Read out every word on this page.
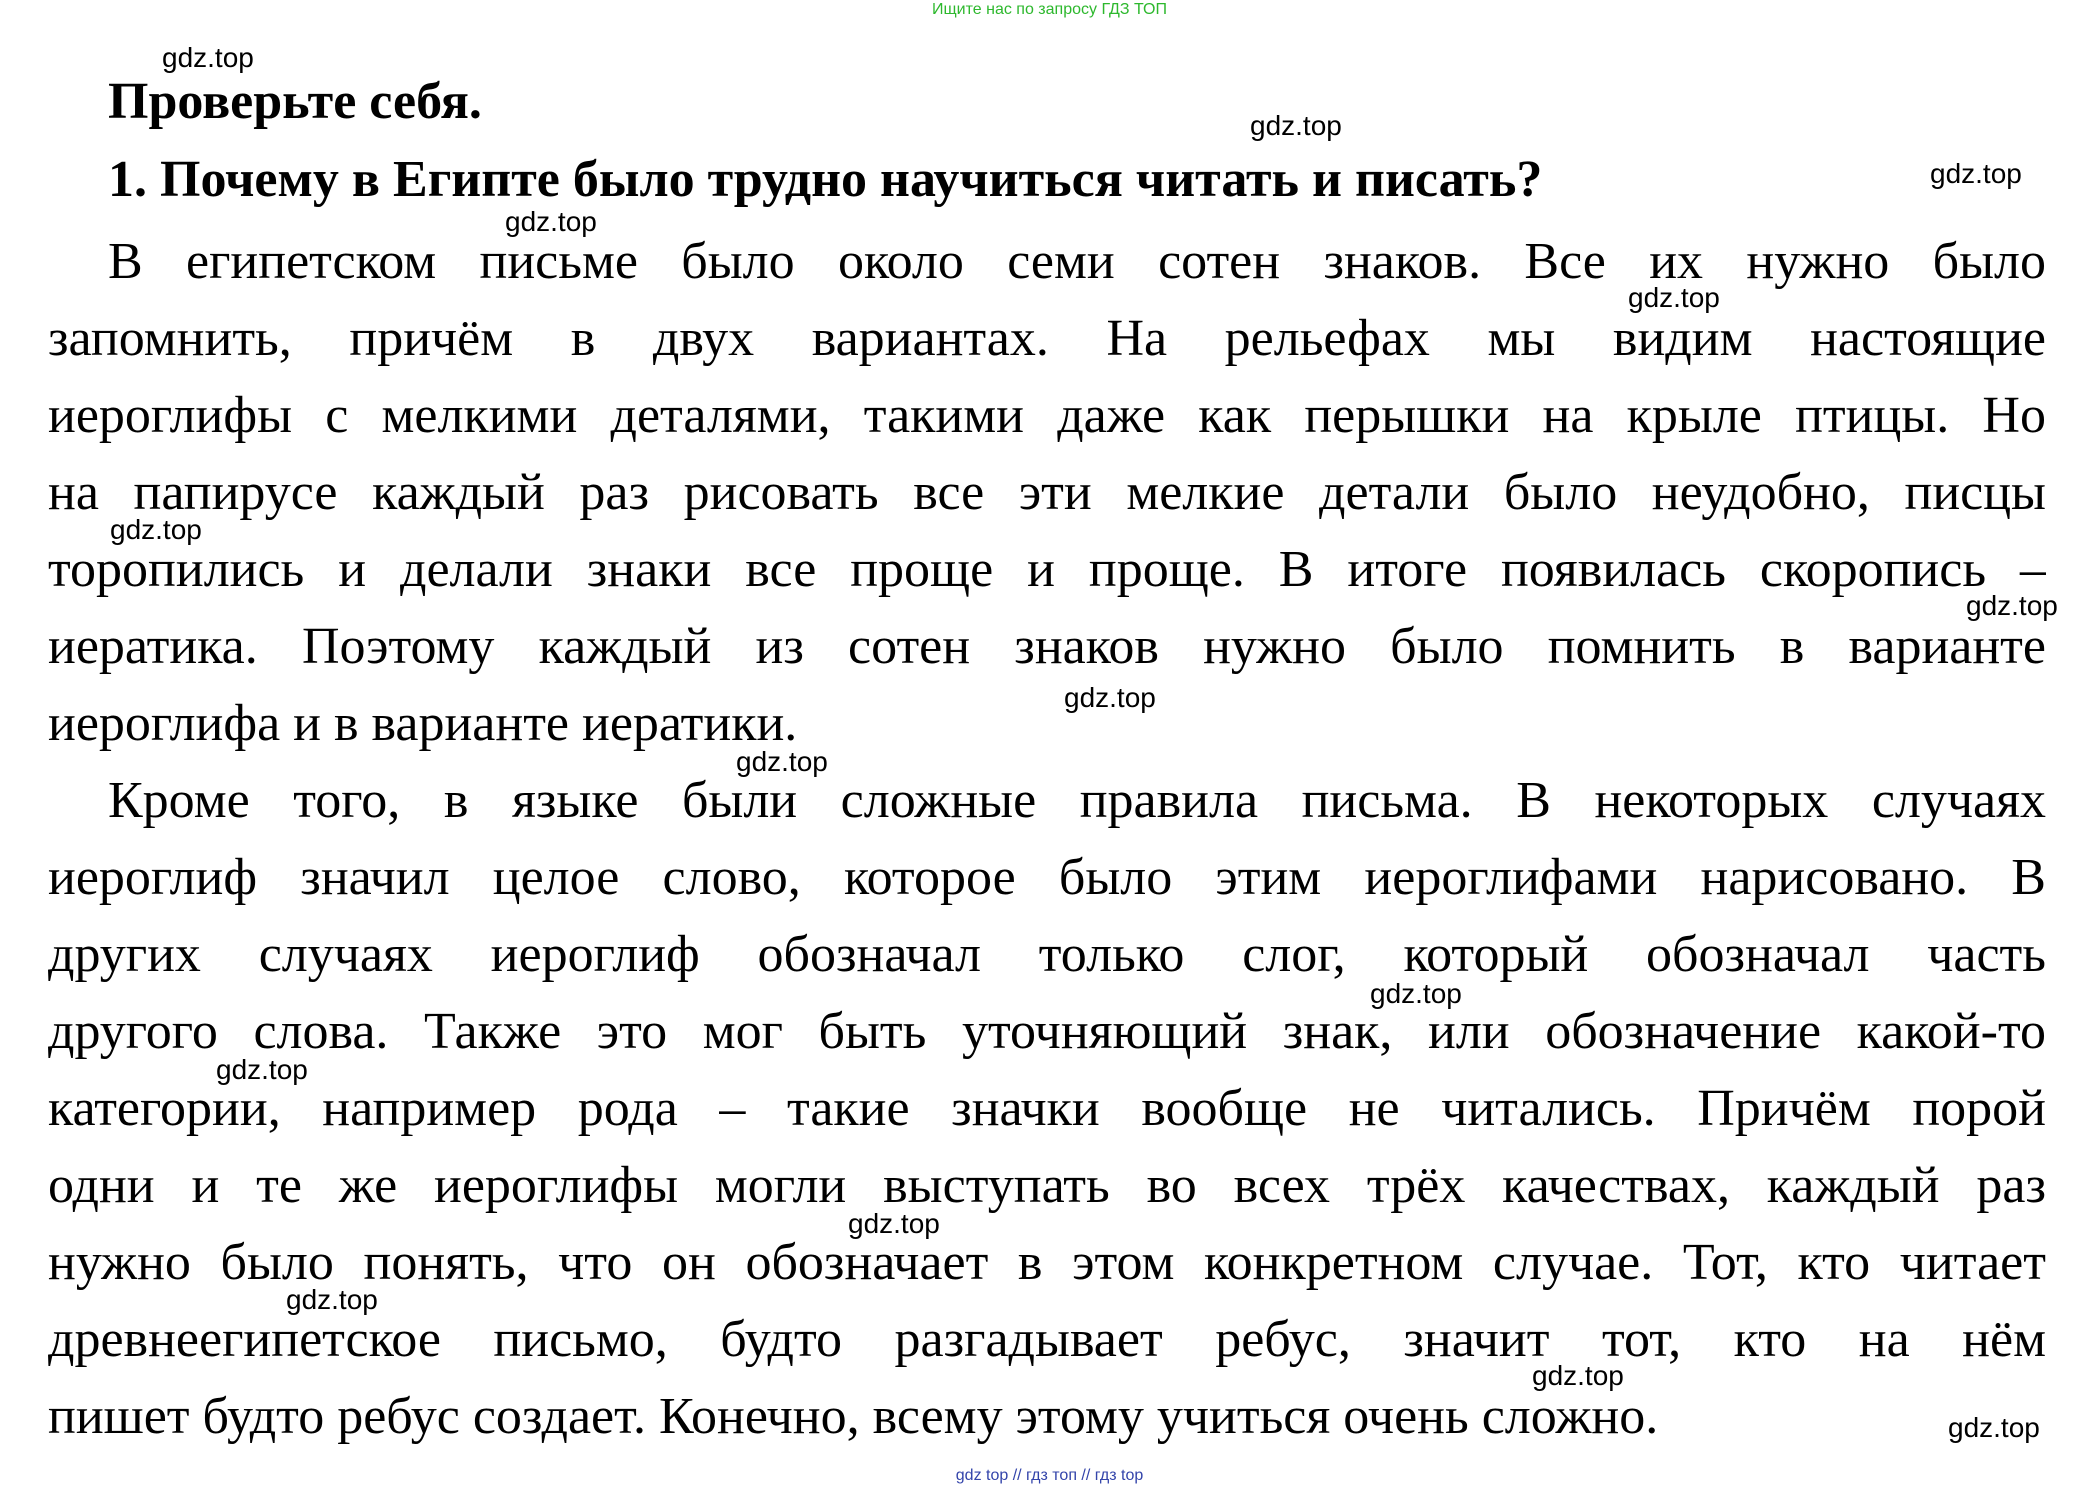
Ищите нас по запросу ГДЗ ТОП
Проверьте себя.
1. Почему в Египте было трудно научиться читать и писать?
В египетском письме было около семи сотен знаков. Все их нужно было
запомнить, причём в двух вариантах. На рельефах мы видим настоящие
иероглифы с мелкими деталями, такими даже как перышки на крыле птицы. Но
на папирусе каждый раз рисовать все эти мелкие детали было неудобно, писцы
торопились и делали знаки все проще и проще. В итоге появилась скоропись –
иератика. Поэтому каждый из сотен знаков нужно было помнить в варианте
иероглифа и в варианте иератики.
Кроме того, в языке были сложные правила письма. В некоторых случаях
иероглиф значил целое слово, которое было этим иероглифами нарисовано. В
других случаях иероглиф обозначал только слог, который обозначал часть
другого слова. Также это мог быть уточняющий знак, или обозначение какой-то
категории, например рода – такие значки вообще не читались. Причём порой
одни и те же иероглифы могли выступать во всех трёх качествах, каждый раз
нужно было понять, что он обозначает в этом конкретном случае. Тот, кто читает
древнеегипетское письмо, будто разгадывает ребус, значит тот, кто на нём
пишет будто ребус создает. Конечно, всему этому учиться очень сложно.
gdz.top
gdz.top
gdz.top
gdz.top
gdz.top
gdz.top
gdz.top
gdz.top
gdz.top
gdz.top
gdz.top
gdz.top
gdz.top
gdz.top
gdz.top
gdz top // гдз топ // гдз top
